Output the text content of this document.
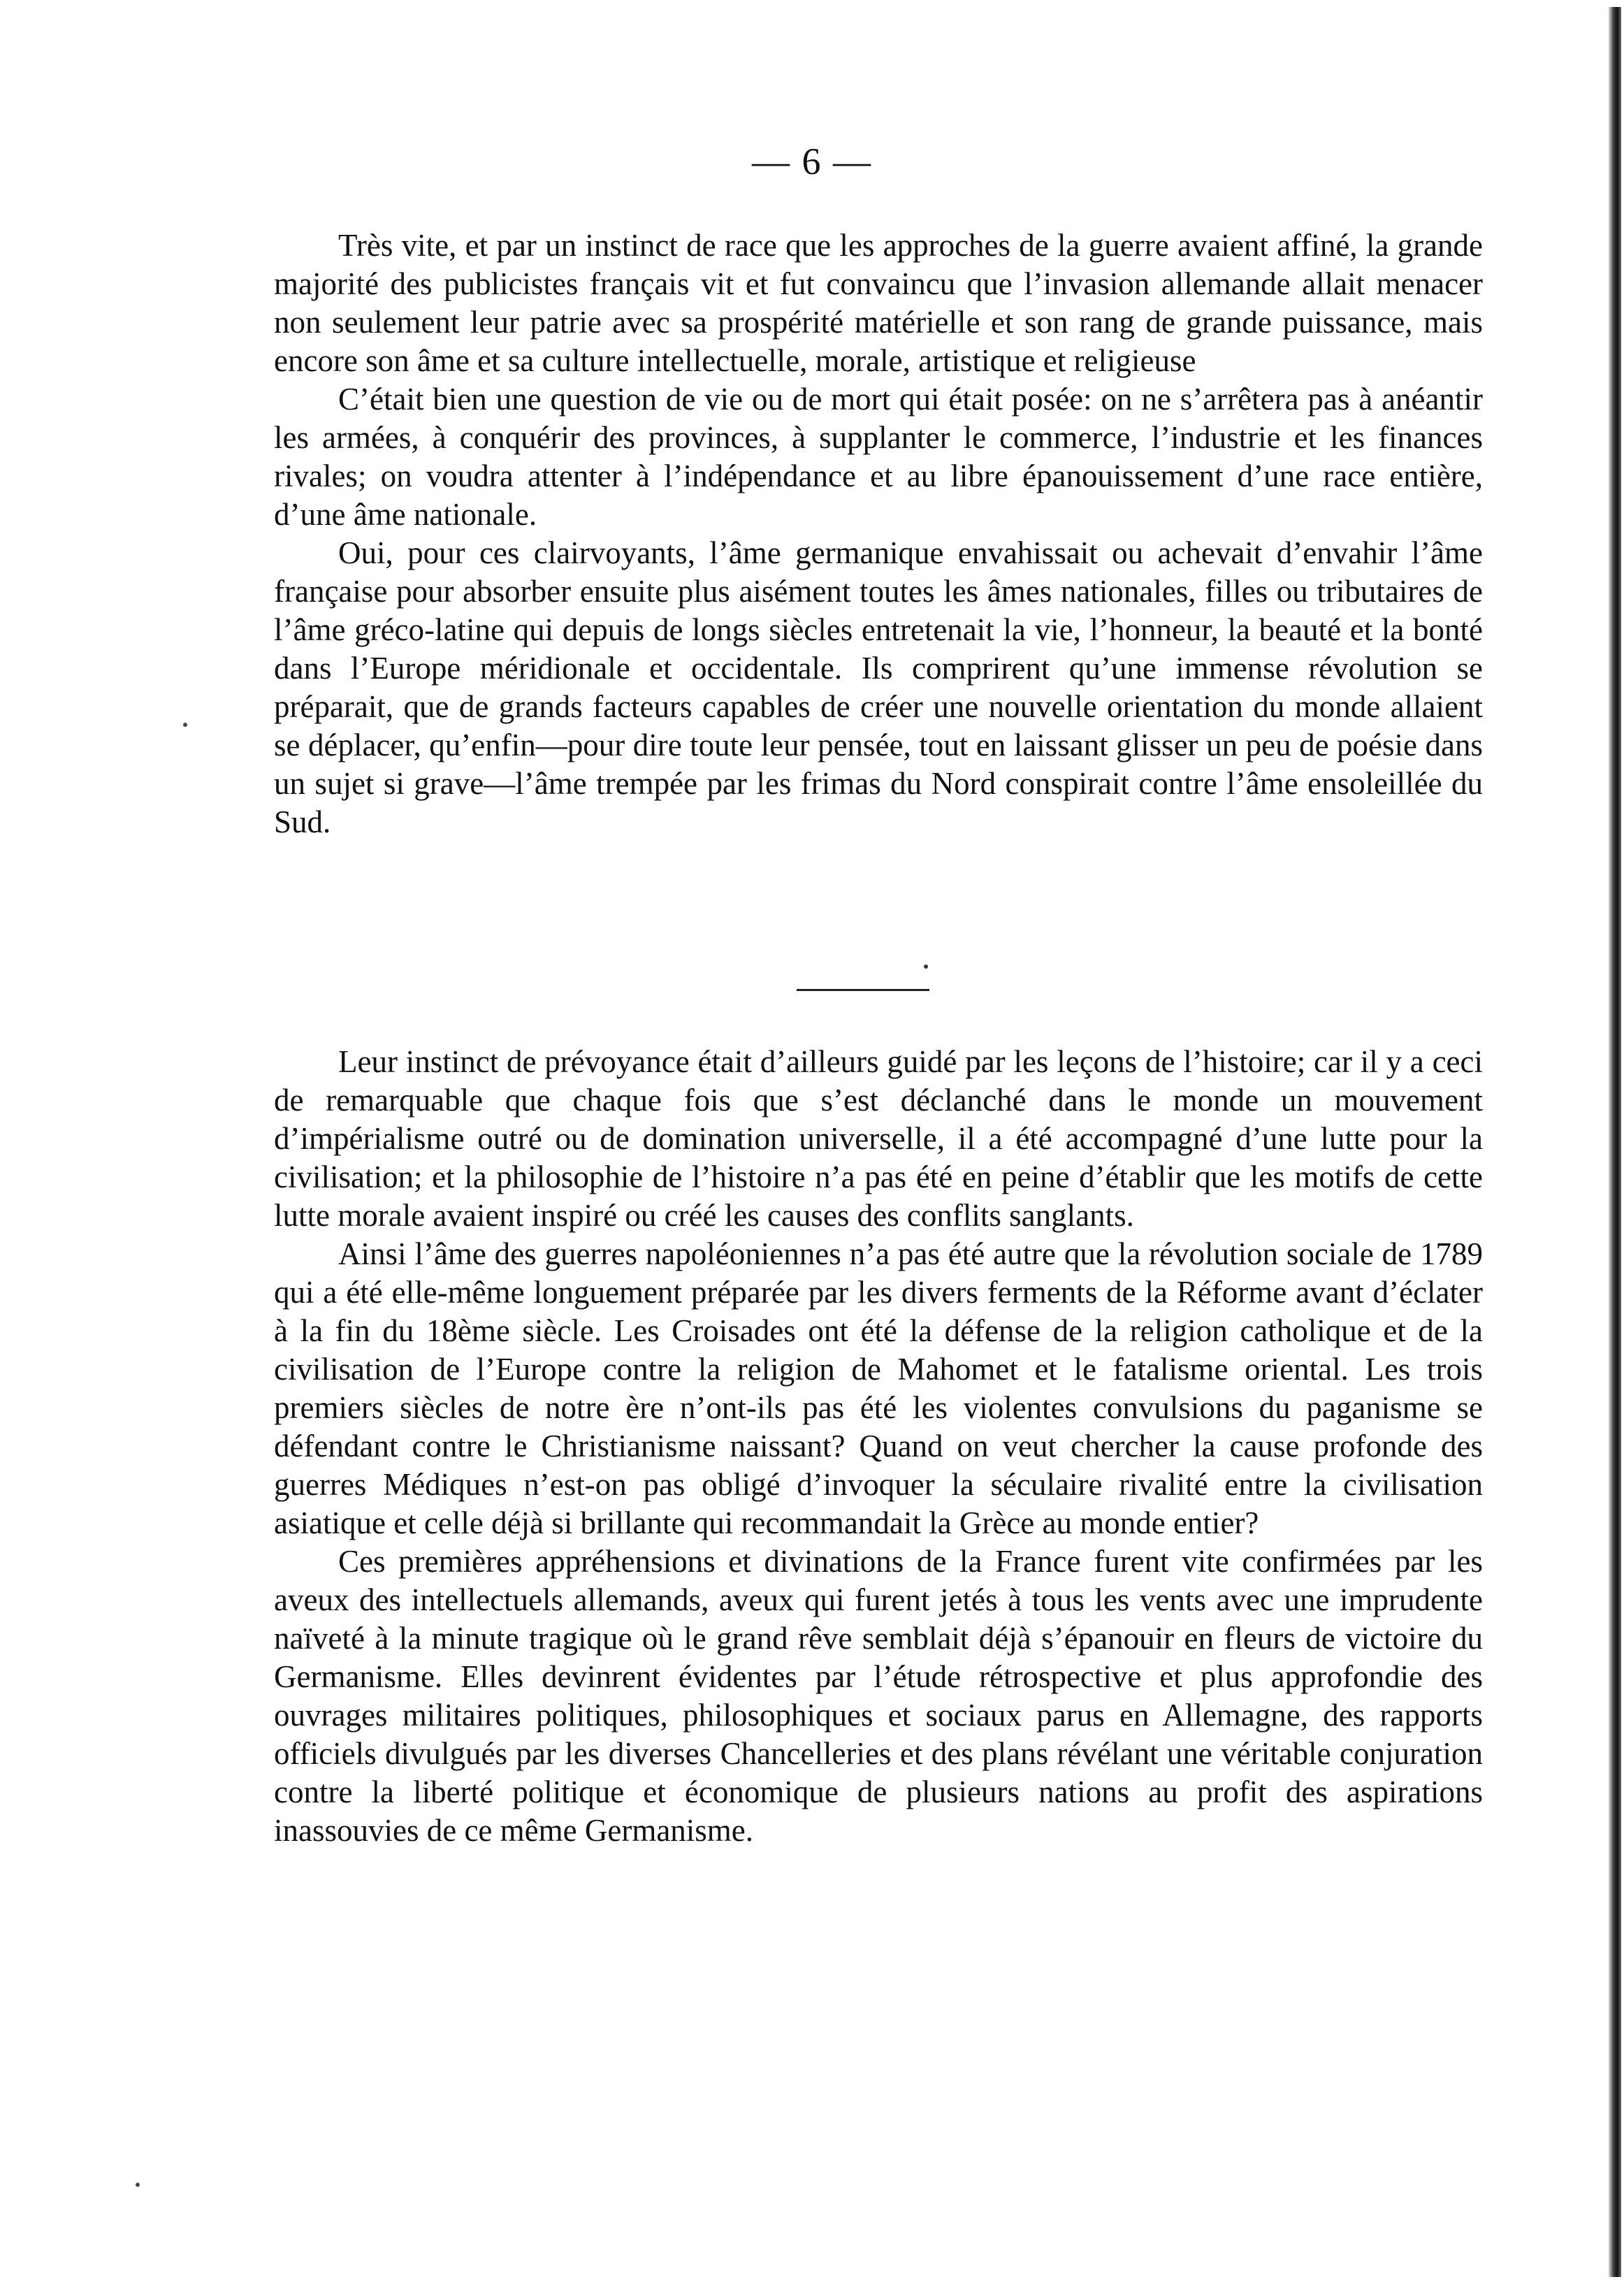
— 6 —

Très vite, et par un instinct de race que les approches de la guerre avaient affiné, la grande majorité des publicistes français vit et fut convaincu que l’invasion allemande allait menacer non seulement leur patrie avec sa prospérité matérielle et son rang de grande puissance, mais encore son âme et sa culture intellectuelle, morale, artistique et religieuse

C’était bien une question de vie ou de mort qui était posée: on ne s’arrêtera pas à anéantir les armées, à conquérir des provinces, à supplanter le commerce, l’industrie et les finances rivales; on voudra attenter à l’indépendance et au libre épanouissement d’une race entière, d’une âme nationale.

Oui, pour ces clairvoyants, l’âme germanique envahissait ou achevait d’envahir l’âme française pour absorber ensuite plus aisément toutes les âmes nationales, filles ou tributaires de l’âme gréco-latine qui depuis de longs siècles entretenait la vie, l’honneur, la beauté et la bonté dans l’Europe méridionale et occidentale. Ils comprirent qu’une immense révolution se préparait, que de grands facteurs capables de créer une nouvelle orientation du monde allaient se déplacer, qu’enfin—pour dire toute leur pensée, tout en laissant glisser un peu de poésie dans un sujet si grave—l’âme trempée par les frimas du Nord conspirait contre l’âme ensoleillée du Sud.

Leur instinct de prévoyance était d’ailleurs guidé par les leçons de l’histoire; car il y a ceci de remarquable que chaque fois que s’est déclanché dans le monde un mouvement d’impérialisme outré ou de domination universelle, il a été accompagné d’une lutte pour la civilisation; et la philosophie de l’histoire n’a pas été en peine d’établir que les motifs de cette lutte morale avaient inspiré ou créé les causes des conflits sanglants.

Ainsi l’âme des guerres napoléoniennes n’a pas été autre que la révolution sociale de 1789 qui a été elle-même longuement préparée par les divers ferments de la Réforme avant d’éclater à la fin du 18ème siècle. Les Croisades ont été la défense de la religion catholique et de la civilisation de l’Europe contre la religion de Mahomet et le fatalisme oriental. Les trois premiers siècles de notre ère n’ont-ils pas été les violentes convulsions du paganisme se défendant contre le Christianisme naissant? Quand on veut chercher la cause profonde des guerres Médiques n’est-on pas obligé d’invoquer la séculaire rivalité entre la civilisation asiatique et celle déjà si brillante qui recommandait la Grèce au monde entier?

Ces premières appréhensions et divinations de la France furent vite confirmées par les aveux des intellectuels allemands, aveux qui furent jetés à tous les vents avec une imprudente naïveté à la minute tragique où le grand rêve semblait déjà s’épanouir en fleurs de victoire du Germanisme. Elles devinrent évidentes par l’étude rétrospective et plus approfondie des ouvrages militaires politiques, philosophiques et sociaux parus en Allemagne, des rapports officiels divulgués par les diverses Chancelleries et des plans révélant une véritable conjuration contre la liberté politique et économique de plusieurs nations au profit des aspirations inassouvies de ce même Germanisme.
